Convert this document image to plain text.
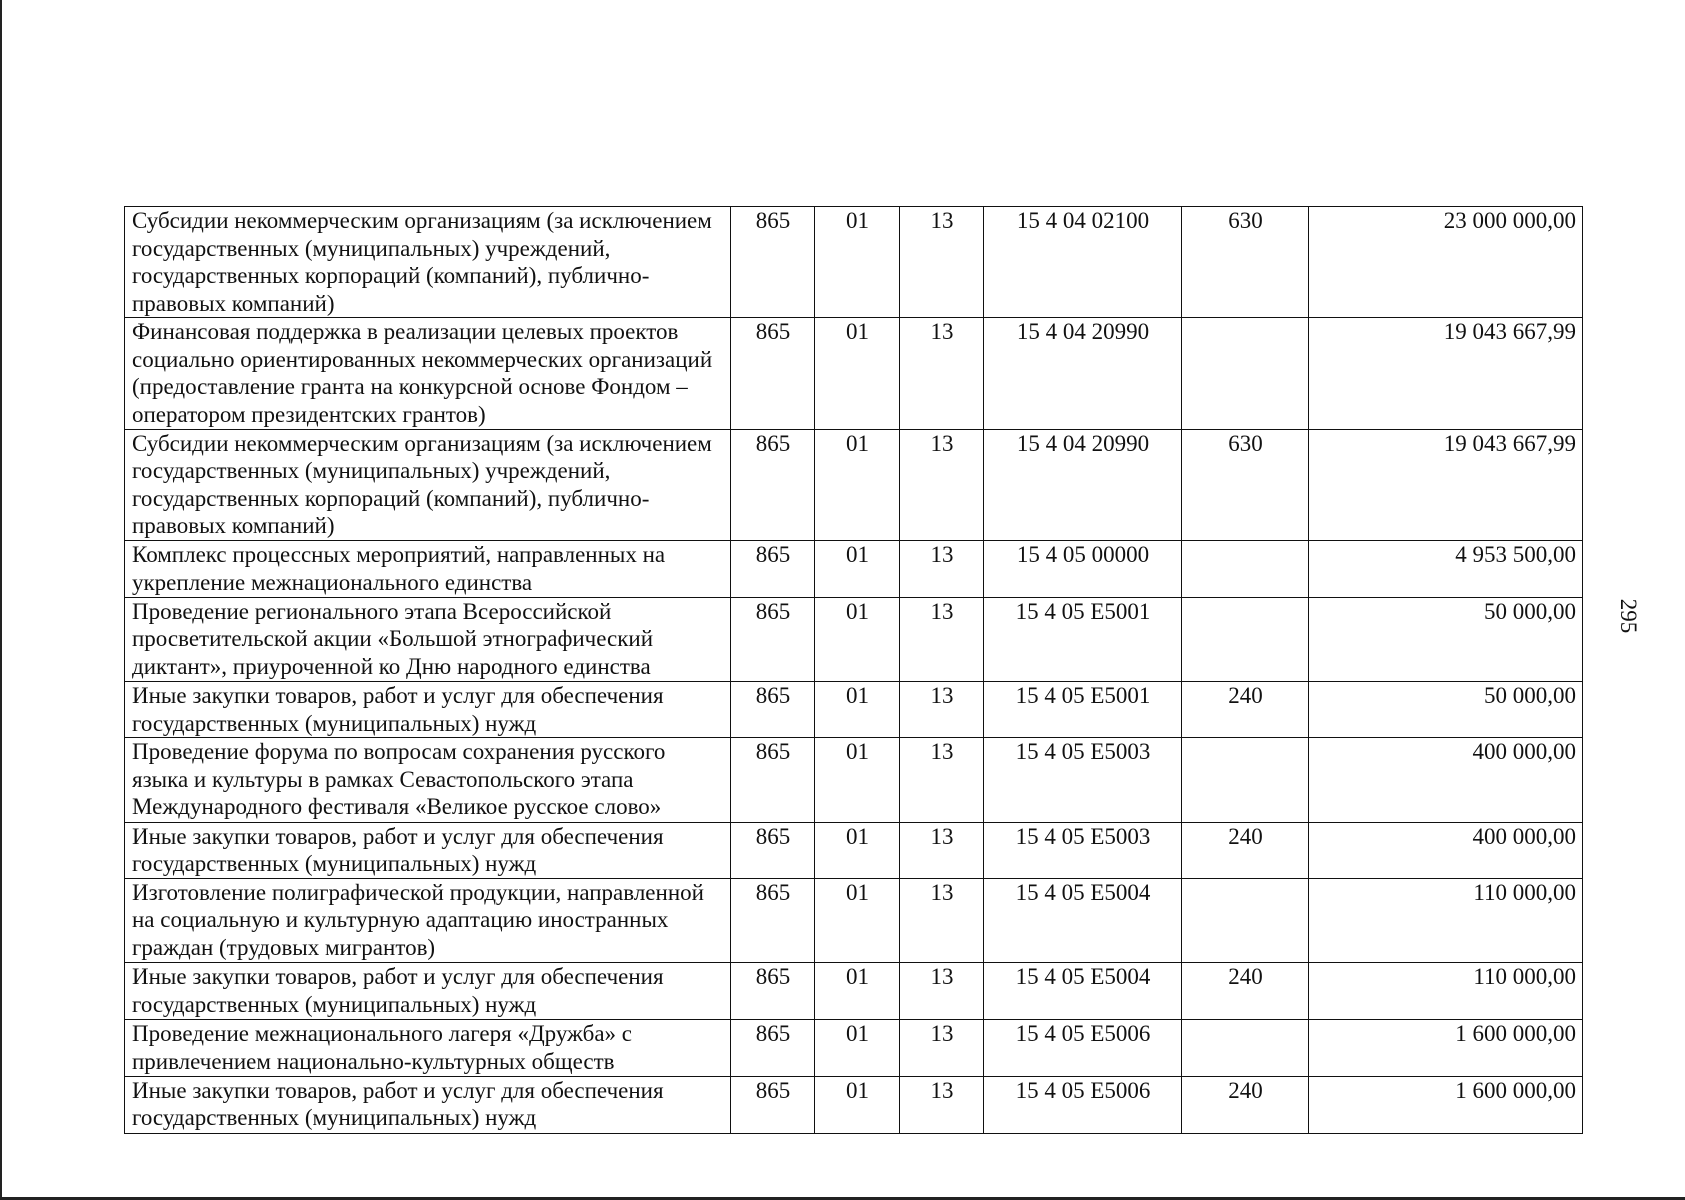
295
Субсидии некоммерческим организациям (за исключением государственных (муниципальных) учреждений, государственных корпораций (компаний), публично-правовых компаний)	865	01	13	15 4 04 02100	630	23 000 000,00
Финансовая поддержка в реализации целевых проектов социально ориентированных некоммерческих организаций (предоставление гранта на конкурсной основе Фондом – оператором президентских грантов)	865	01	13	15 4 04 20990		19 043 667,99
Субсидии некоммерческим организациям (за исключением государственных (муниципальных) учреждений, государственных корпораций (компаний), публично-правовых компаний)	865	01	13	15 4 04 20990	630	19 043 667,99
Комплекс процессных мероприятий, направленных на укрепление межнационального единства	865	01	13	15 4 05 00000		4 953 500,00
Проведение регионального этапа Всероссийской просветительской акции «Большой этнографический диктант», приуроченной ко Дню народного единства	865	01	13	15 4 05 E5001		50 000,00
Иные закупки товаров, работ и услуг для обеспечения государственных (муниципальных) нужд	865	01	13	15 4 05 E5001	240	50 000,00
Проведение форума по вопросам сохранения русского языка и культуры в рамках Севастопольского этапа Международного фестиваля «Великое русское слово»	865	01	13	15 4 05 E5003		400 000,00
Иные закупки товаров, работ и услуг для обеспечения государственных (муниципальных) нужд	865	01	13	15 4 05 E5003	240	400 000,00
Изготовление полиграфической продукции, направленной на социальную и культурную адаптацию иностранных граждан (трудовых мигрантов)	865	01	13	15 4 05 E5004		110 000,00
Иные закупки товаров, работ и услуг для обеспечения государственных (муниципальных) нужд	865	01	13	15 4 05 E5004	240	110 000,00
Проведение межнационального лагеря «Дружба» с привлечением национально-культурных обществ	865	01	13	15 4 05 E5006		1 600 000,00
Иные закупки товаров, работ и услуг для обеспечения государственных (муниципальных) нужд	865	01	13	15 4 05 E5006	240	1 600 000,00
